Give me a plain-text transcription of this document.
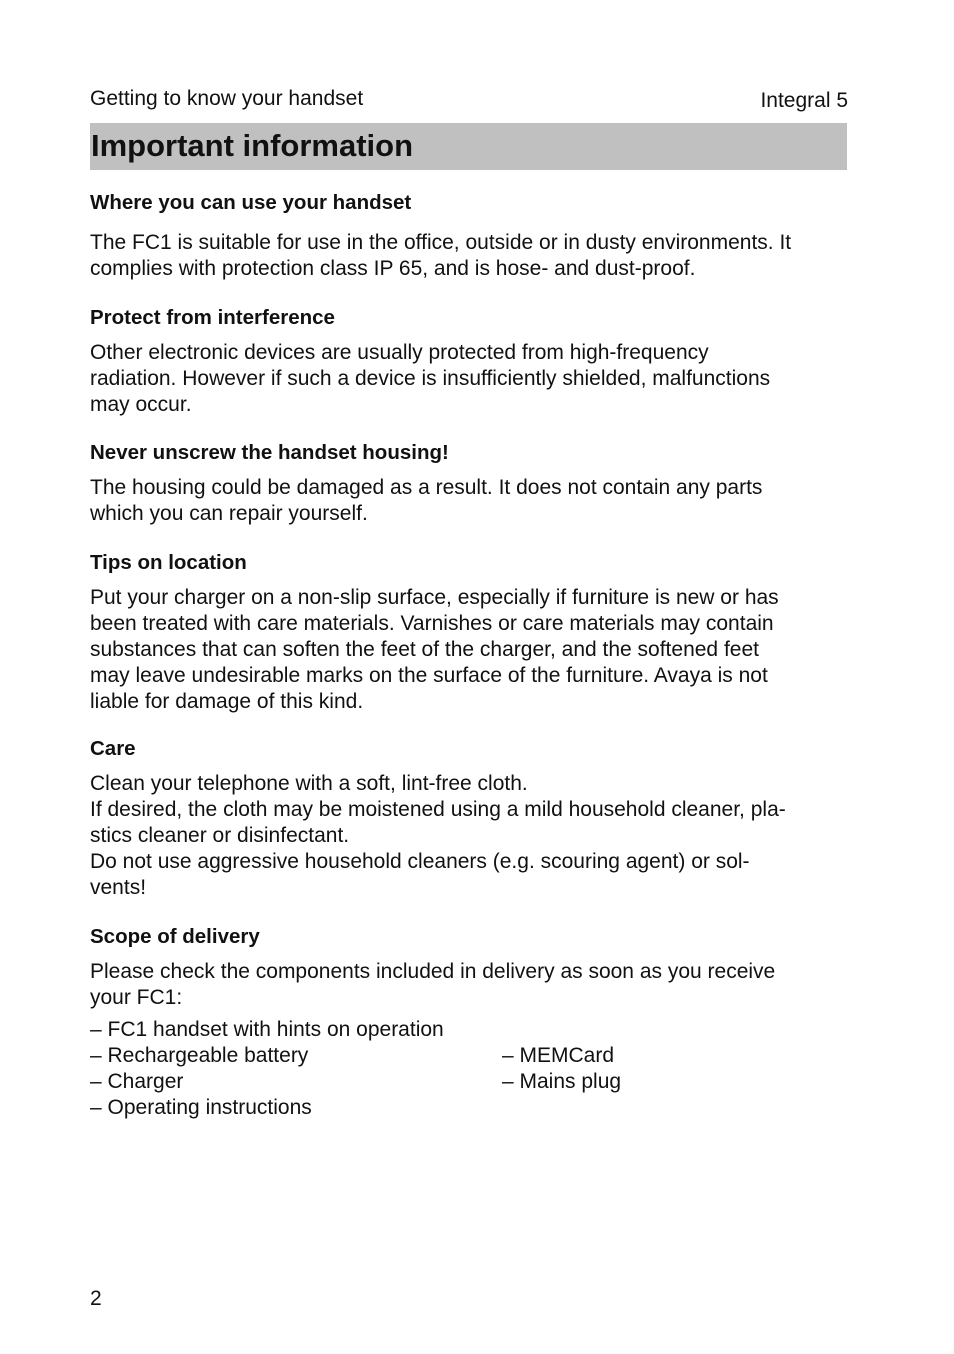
Getting to know your handset	Integral 5
Important information
Where you can use your handset

The FC1 is suitable for use in the office, outside or in dusty environments. It
complies with protection class IP 65, and is hose- and dust-proof.

Protect from interference

Other electronic devices are usually protected from high-frequency
radiation. However if such a device is insufficiently shielded, malfunctions
may occur.

Never unscrew the handset housing!

The housing could be damaged as a result. It does not contain any parts
which you can repair yourself.

Tips on location

Put your charger on a non-slip surface, especially if furniture is new or has
been treated with care materials. Varnishes or care materials may contain
substances that can soften the feet of the charger, and the softened feet
may leave undesirable marks on the surface of the furniture. Avaya is not
liable for damage of this kind.

Care

Clean your telephone with a soft, lint-free cloth.
If desired, the cloth may be moistened using a mild household cleaner, pla-
stics cleaner or disinfectant.
Do not use aggressive household cleaners (e.g. scouring agent) or sol-
vents!

Scope of delivery

Please check the components included in delivery as soon as you receive
your FC1:

– FC1 handset with hints on operation
– Rechargeable battery
– Charger
– Operating instructions
– MEMCard
– Mains plug
2
